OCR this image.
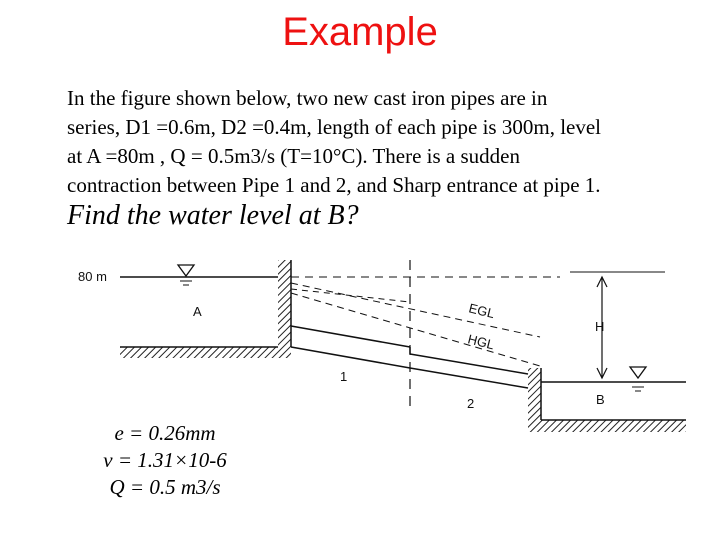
Example
In the figure shown below, two new cast iron pipes are in
series, D1 =0.6m, D2 =0.4m, length of each pipe is 300m, level
at A =80m , Q = 0.5m3/s (T=10°C). There is a sudden
contraction between Pipe 1 and 2, and Sharp entrance at pipe 1.
Find the water level at B?
80 m
A	EGL
HGL
1
2
H
B
e = 0.26mm
ν = 1.31×10-6
Q = 0.5 m3/s
